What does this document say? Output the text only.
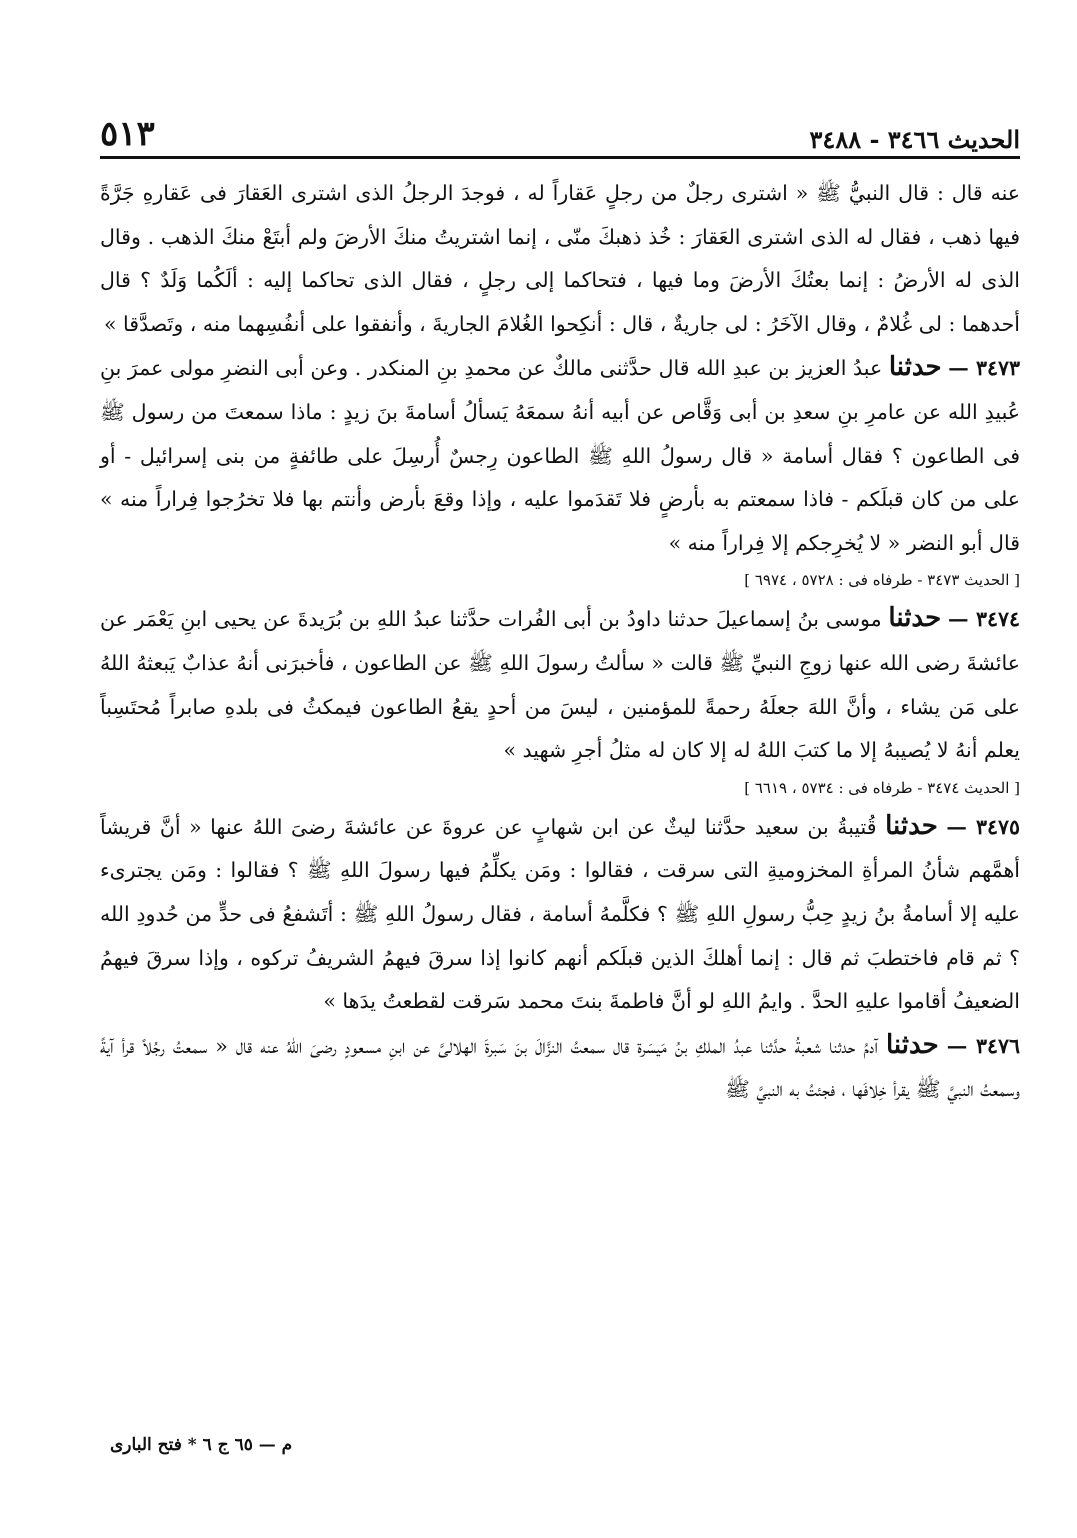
الحديث ٣٤٦٦ - ٣٤٨٨
٥١٣

عنه قال : قال النبيُّ ﷺ « اشترى رجلٌ من رجلٍ عَقاراً له ، فوجدَ الرجلُ الذى اشترى العَقارَ فى عَقارهِ جَرَّةً فيها ذهب ، فقال له الذى اشترى العَقارَ : خُذ ذهبكَ منّى ، إنما اشتريتُ منكَ الأرضَ ولم أبتَعْ منكَ الذهب . وقال الذى له الأرضُ : إنما بعتُكَ الأرضَ وما فيها ، فتحاكما إلى رجلٍ ، فقال الذى تحاكما إليه : ألَكُما وَلَدٌ ؟ قال أحدهما : لى غُلامٌ ، وقال الآخَرُ : لى جاريةٌ ، قال : أنكِحوا الغُلامَ الجاريةَ ، وأنفقوا على أنفُسِهما منه ، وتَصدَّقا »

٣٤٧٣ — حدثنا عبدُ العزيز بن عبدِ الله قال حدَّثنى مالكٌ عن محمدِ بنِ المنكدر . وعن أبى النضرِ مولى عمرَ بنِ عُبيدِ الله عن عامرِ بنِ سعدِ بن أبى وَقَّاص عن أبيه أنهُ سمعَهُ يَسألُ أسامةَ بنَ زيدٍ : ماذا سمعتَ من رسول ﷺ فى الطاعون ؟ فقال أسامة « قال رسولُ اللهِ ﷺ الطاعون رِجسٌ أُرسِلَ على طائفةٍ من بنى إسرائيل - أو على من كان قبلَكم - فاذا سمعتم به بأرضٍ فلا تَقدَموا عليه ، وإذا وقعَ بأرض وأنتم بها فلا تخرُجوا فِراراً منه » قال أبو النضر « لا يُخرِجكم إلا فِراراً منه »

[ الحديث ٣٤٧٣ - طرفاه فى : ٥٧٢٨ ، ٦٩٧٤ ]

٣٤٧٤ — حدثنا موسى بنُ إسماعيلَ حدثنا داودُ بن أبى الفُرات حدَّثنا عبدُ اللهِ بن بُرَيدةَ عن يحيى ابنِ يَعْمَر عن عائشةَ رضى الله عنها زوجِ النبيِّ ﷺ قالت « سألتُ رسولَ اللهِ ﷺ عن الطاعون ، فأخبرَنى أنهُ عذابٌ يَبعثهُ اللهُ على مَن يشاء ، وأنَّ اللهَ جعلَهُ رحمةً للمؤمنين ، ليسَ من أحدٍ يقعُ الطاعون فيمكثُ فى بلدهِ صابراً مُحتَسِباً يعلم أنهُ لا يُصيبهُ إلا ما كتبَ اللهُ له إلا كان له مثلُ أجرِ شهيد »

[ الحديث ٣٤٧٤ - طرفاه فى : ٥٧٣٤ ، ٦٦١٩ ]

٣٤٧٥ — حدثنا قُتيبةُ بن سعيد حدَّثنا ليثٌ عن ابن شهابٍ عن عروةَ عن عائشةَ رضىَ اللهُ عنها « أنَّ قريشاً أهمَّهم شأنُ المرأةِ المخزوميةِ التى سرقت ، فقالوا : ومَن يكلِّمُ فيها رسولَ اللهِ ﷺ ؟ فقالوا : ومَن يجترىء عليه إلا أسامةُ بنُ زيدٍ حِبُّ رسولِ اللهِ ﷺ ؟ فكلَّمهُ أسامة ، فقال رسولُ اللهِ ﷺ : أتَشفعُ فى حدٍّ من حُدودِ الله ؟ ثم قام فاختطبَ ثم قال : إنما أهلكَ الذين قبلَكم أنهم كانوا إذا سرقَ فيهمُ الشريفُ تركوه ، وإذا سرقَ فيهمُ الضعيفُ أقاموا عليهِ الحدَّ . وايمُ اللهِ لو أنَّ فاطمةَ بنتَ محمد سَرقت لقطعتُ يدَها »

٣٤٧٦ — حدثنا آدمُ حدثنا شعبةُ حدَّثنا عبدُ الملكِ بنُ مَيسَرة قال سمعتُ النزَّالَ بنَ سَبرةَ الهلالىَّ عن ابنِ مسعودٍ رضىَ اللهُ عنه قال « سمعتُ رجُلاً قرأ آيةً وسمعتُ النبيَّ ﷺ يقرأ خِلافَها ، فجئتُ به النبيَّ ﷺ

م — ٦٥ ج ٦ * فتح البارى
